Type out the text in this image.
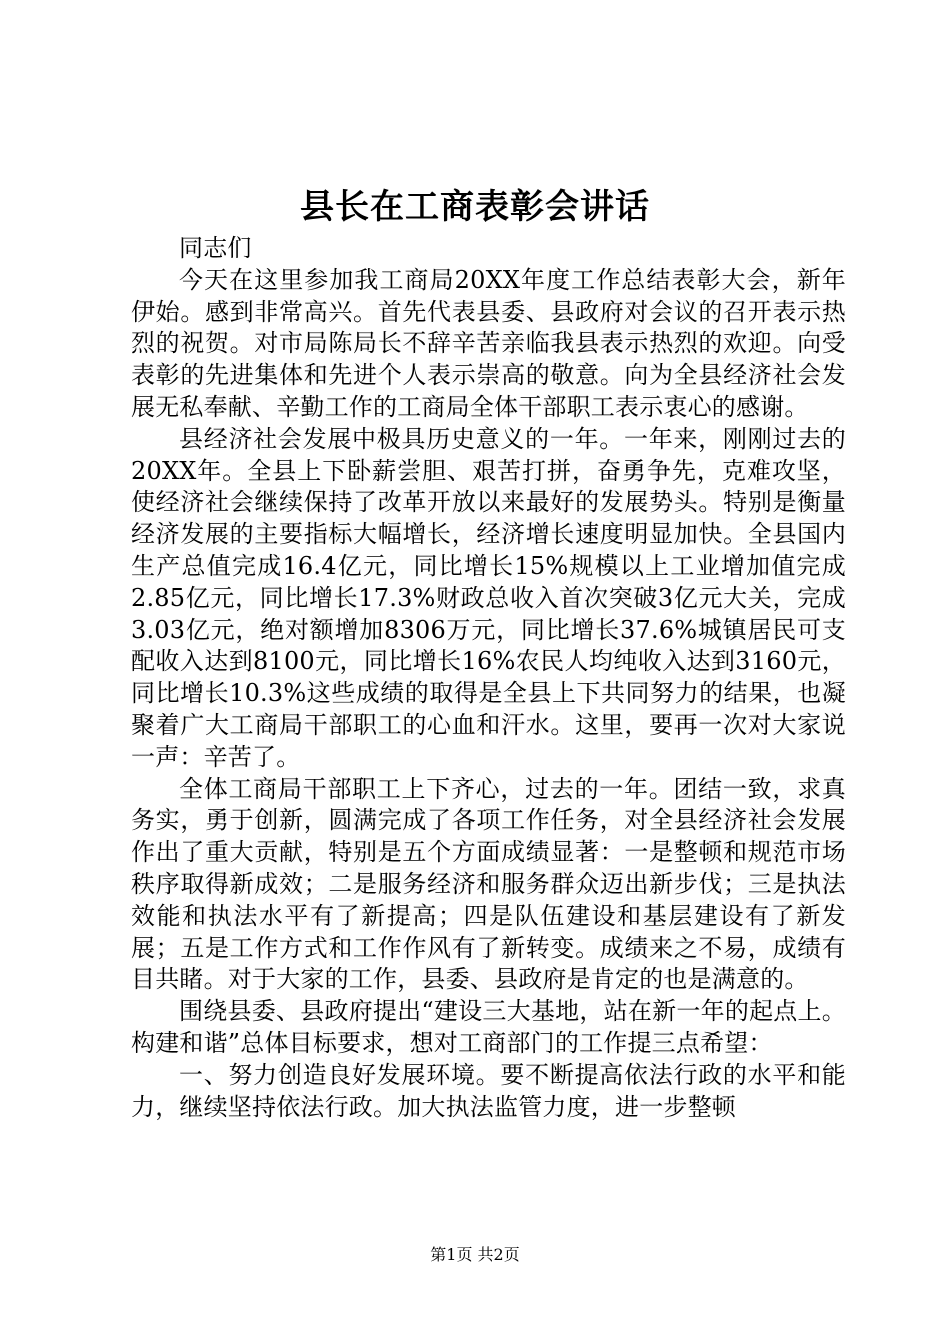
县长在工商表彰会讲话

同志们

今天在这里参加我工商局20XX年度工作总结表彰大会，新年伊始。感到非常高兴。首先代表县委、县政府对会议的召开表示热烈的祝贺。对市局陈局长不辞辛苦亲临我县表示热烈的欢迎。向受表彰的先进集体和先进个人表示崇高的敬意。向为全县经济社会发展无私奉献、辛勤工作的工商局全体干部职工表示衷心的感谢。

县经济社会发展中极具历史意义的一年。一年来，刚刚过去的20XX年。全县上下卧薪尝胆、艰苦打拼，奋勇争先，克难攻坚，使经济社会继续保持了改革开放以来最好的发展势头。特别是衡量经济发展的主要指标大幅增长，经济增长速度明显加快。全县国内生产总值完成16.4亿元，同比增长15%规模以上工业增加值完成2.85亿元，同比增长17.3%财政总收入首次突破3亿元大关，完成3.03亿元，绝对额增加8306万元，同比增长37.6%城镇居民可支配收入达到8100元，同比增长16%农民人均纯收入达到3160元，同比增长10.3%这些成绩的取得是全县上下共同努力的结果，也凝聚着广大工商局干部职工的心血和汗水。这里，要再一次对大家说一声：辛苦了。

全体工商局干部职工上下齐心，过去的一年。团结一致，求真务实，勇于创新，圆满完成了各项工作任务，对全县经济社会发展作出了重大贡献，特别是五个方面成绩显著：一是整顿和规范市场秩序取得新成效；二是服务经济和服务群众迈出新步伐；三是执法效能和执法水平有了新提高；四是队伍建设和基层建设有了新发展；五是工作方式和工作作风有了新转变。成绩来之不易，成绩有目共睹。对于大家的工作，县委、县政府是肯定的也是满意的。

围绕县委、县政府提出“建设三大基地，站在新一年的起点上。构建和谐”总体目标要求，想对工商部门的工作提三点希望：

一、努力创造良好发展环境。要不断提高依法行政的水平和能力，继续坚持依法行政。加大执法监管力度，进一步整顿

第1页 共2页
